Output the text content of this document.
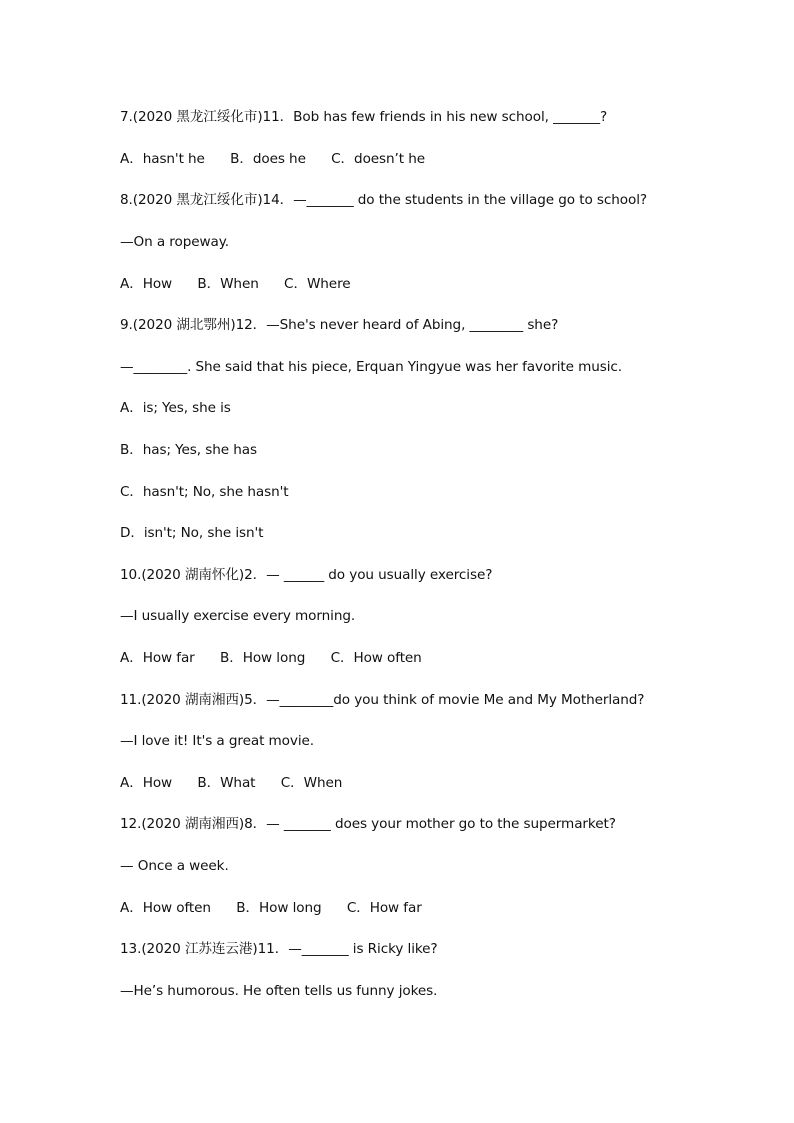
7.(2020 黑龙江绥化市)11．Bob has few friends in his new school, _______?
A．hasn't he      B．does he      C．doesn’t he
8.(2020 黑龙江绥化市)14．—_______ do the students in the village go to school?
—On a ropeway.
A．How      B．When      C．Where
9.(2020 湖北鄂州)12．—She's never heard of Abing, ________ she?
—________. She said that his piece, Erquan Yingyue was her favorite music.
A．is; Yes, she is
B．has; Yes, she has
C．hasn't; No, she hasn't
D．isn't; No, she isn't
10.(2020 湖南怀化)2．— ______ do you usually exercise?
—I usually exercise every morning.
A．How far      B．How long      C．How often
11.(2020 湖南湘西)5．—________do you think of movie Me and My Motherland?
—I love it! It's a great movie.
A．How      B．What      C．When
12.(2020 湖南湘西)8．— _______ does your mother go to the supermarket?
— Once a week.
A．How often      B．How long      C．How far
13.(2020 江苏连云港)11．—_______ is Ricky like?
—He’s humorous. He often tells us funny jokes.
